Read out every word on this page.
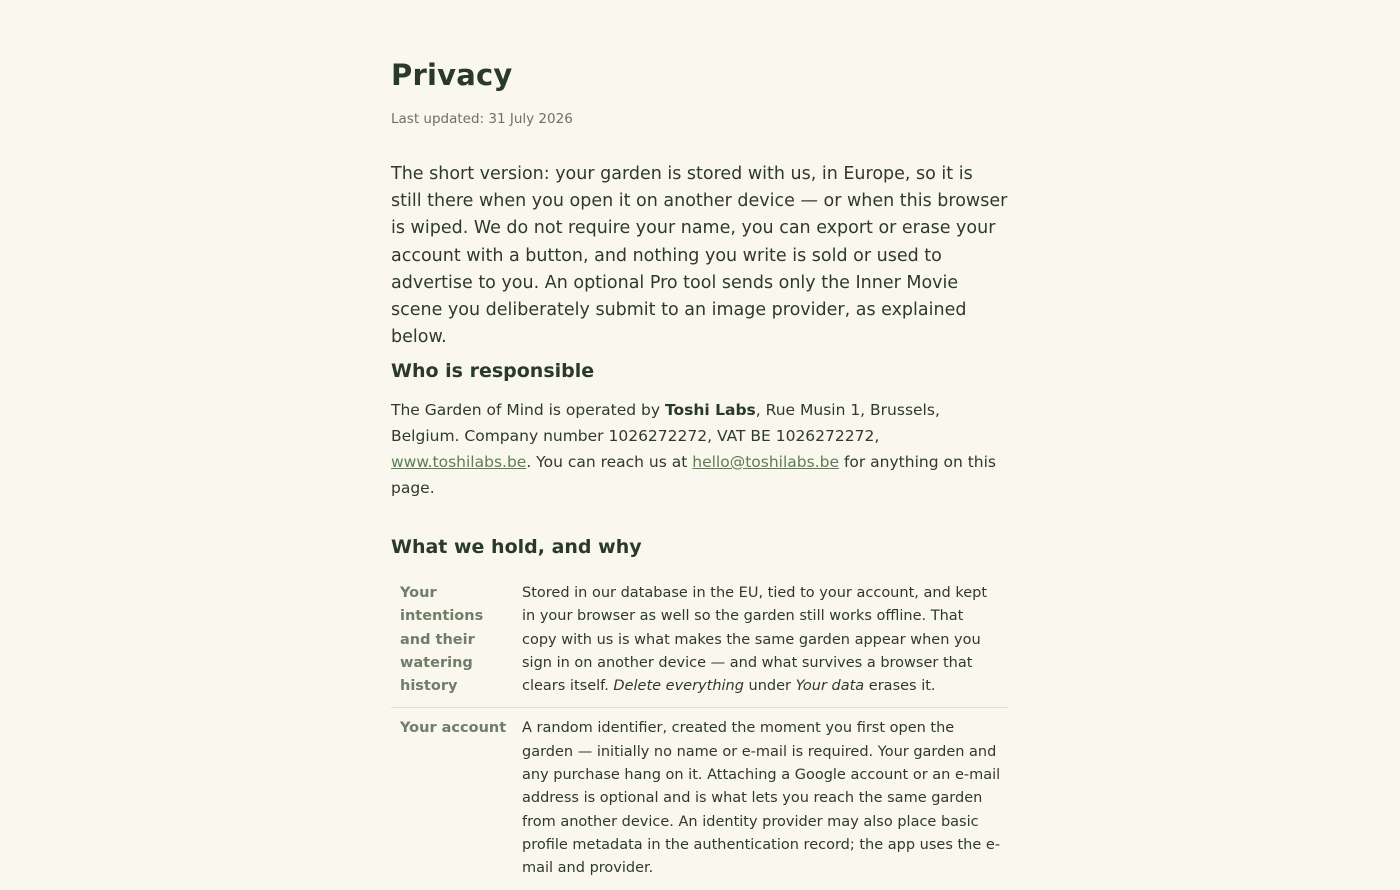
Privacy

Last updated: 31 July 2026

The short version: your garden is stored with us, in Europe, so it is still there when you open it on another device — or when this browser is wiped. We do not require your name, you can export or erase your account with a button, and nothing you write is sold or used to advertise to you. An optional Pro tool sends only the Inner Movie scene you deliberately submit to an image provider, as explained below.

Who is responsible

The Garden of Mind is operated by Toshi Labs, Rue Musin 1, Brussels, Belgium. Company number 1026272272, VAT BE 1026272272, www.toshilabs.be. You can reach us at hello@toshilabs.be for anything on this page.

What we hold, and why
Your intentions and their watering history	Stored in our database in the EU, tied to your account, and kept in your browser as well so the garden still works offline. That copy with us is what makes the same garden appear when you sign in on another device — and what survives a browser that clears itself. Delete everything under Your data erases it.

Your account	A random identifier, created the moment you first open the garden — initially no name or e-mail is required. Your garden and any purchase hang on it. Attaching a Google account or an e-mail address is optional and is what lets you reach the same garden from another device. An identity provider may also place basic profile metadata in the authentication record; the app uses the e-mail and provider.
